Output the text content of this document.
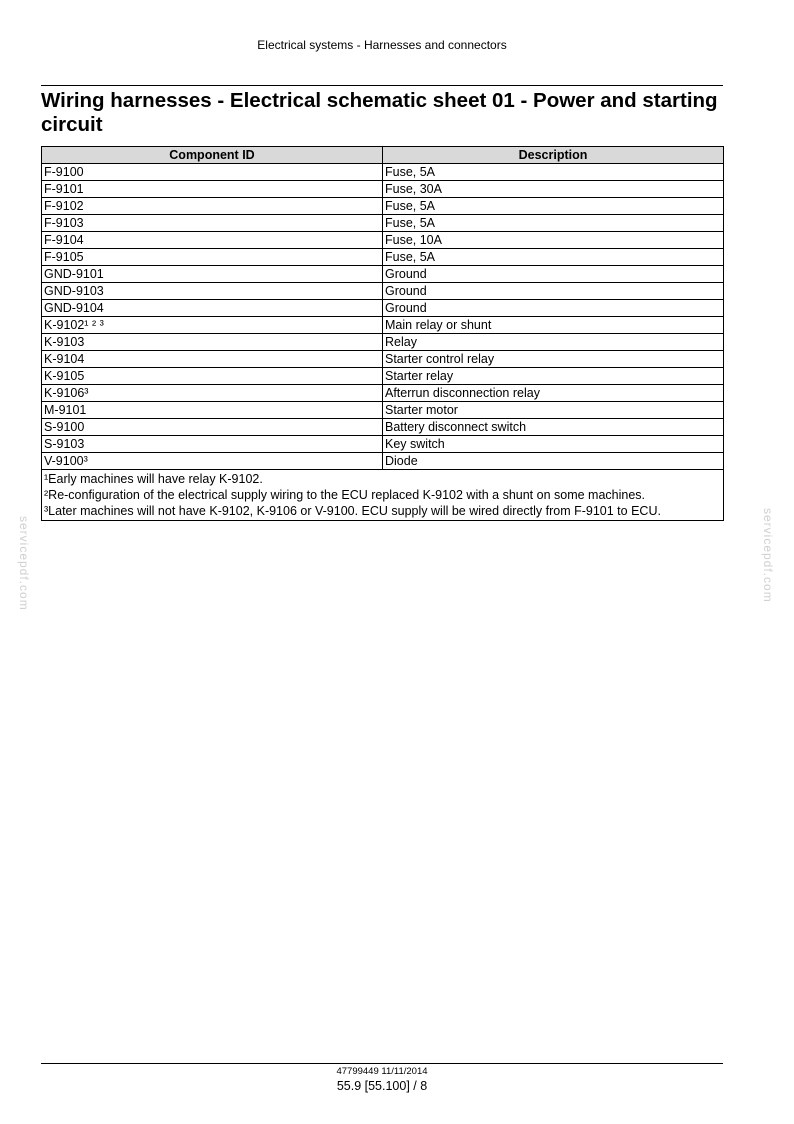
Electrical systems - Harnesses and connectors
Wiring harnesses - Electrical schematic sheet 01 - Power and starting circuit
Component ID	Description
F-9100	Fuse, 5A
F-9101	Fuse, 30A
F-9102	Fuse, 5A
F-9103	Fuse, 5A
F-9104	Fuse, 10A
F-9105	Fuse, 5A
GND-9101	Ground
GND-9103	Ground
GND-9104	Ground
K-9102¹ ² ³	Main relay or shunt
K-9103	Relay
K-9104	Starter control relay
K-9105	Starter relay
K-9106³	Afterrun disconnection relay
M-9101	Starter motor
S-9100	Battery disconnect switch
S-9103	Key switch
V-9100³	Diode

¹Early machines will have relay K-9102.
²Re-configuration of the electrical supply wiring to the ECU replaced K-9102 with a shunt on some machines.
³Later machines will not have K-9102, K-9106 or V-9100. ECU supply will be wired directly from F-9101 to ECU.	
servicepdf.com	servicepdf.com
47799449 11/11/2014
55.9 [55.100] / 8
